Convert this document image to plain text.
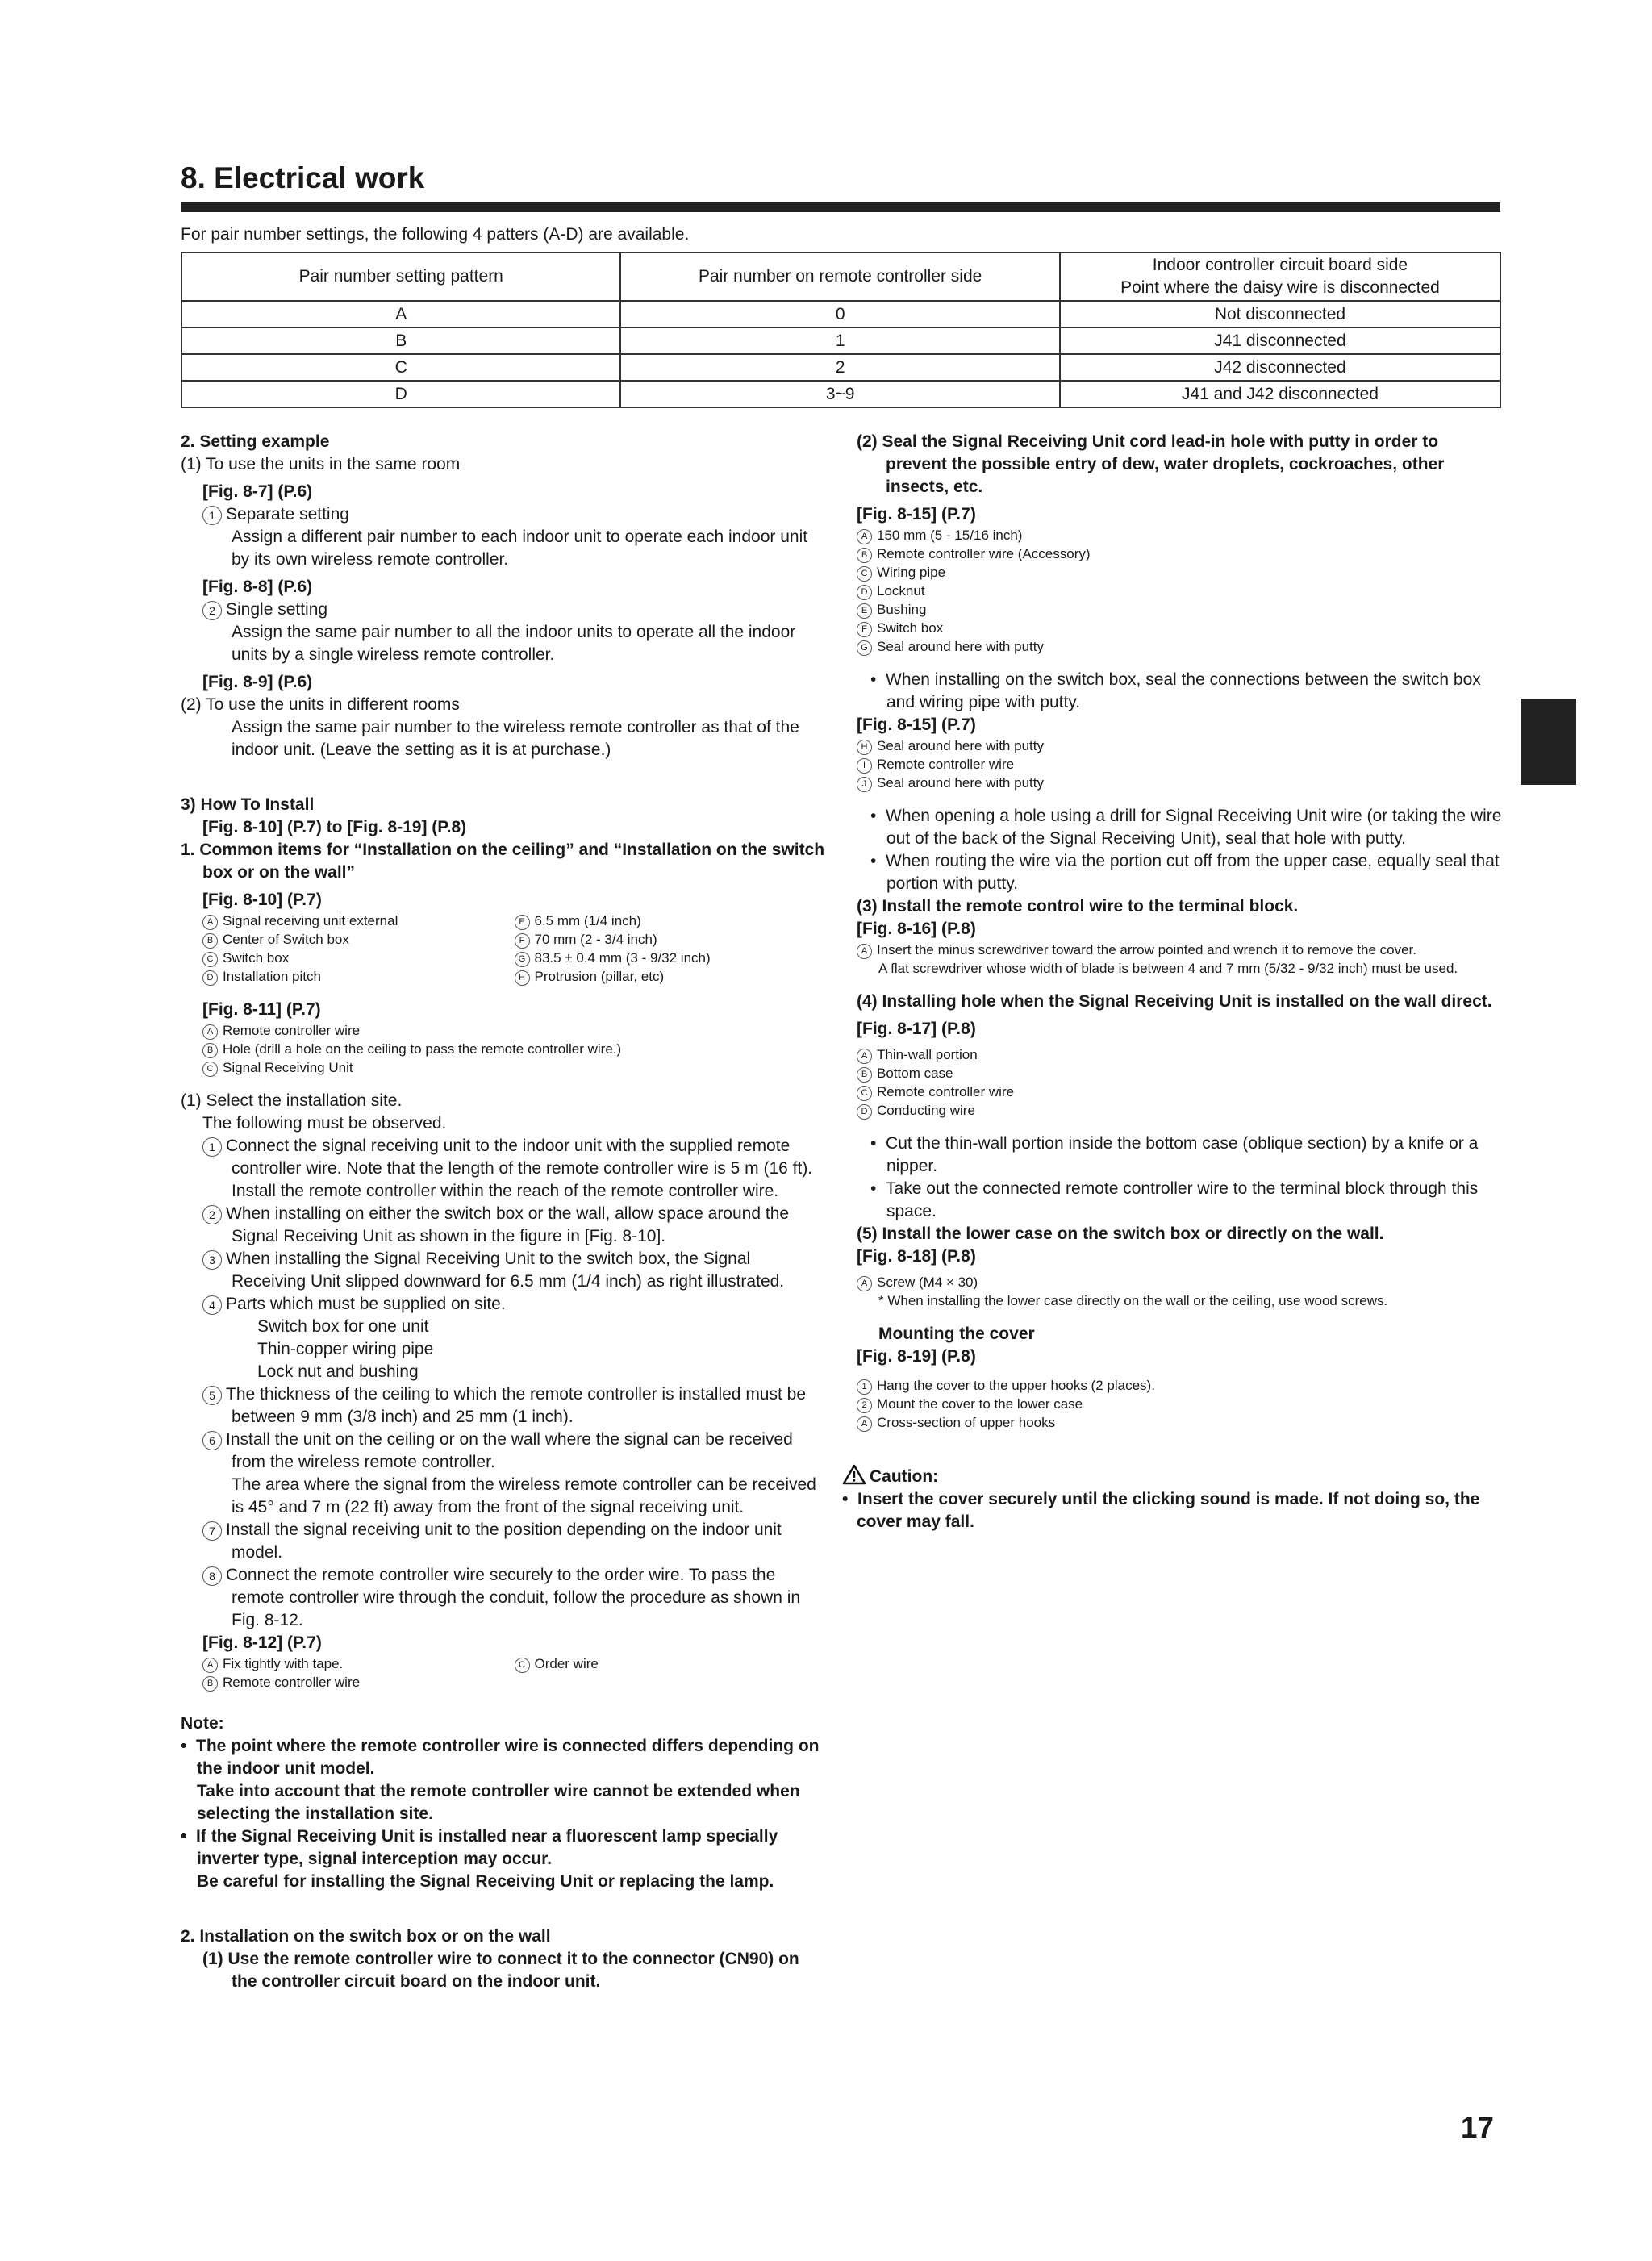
8. Electrical work
For pair number settings, the following 4 patters (A-D) are available.
Pair number setting pattern	Pair number on remote controller side	Indoor controller circuit board side
Point where the daisy wire is disconnected
A	0	Not disconnected
B	1	J41 disconnected
C	2	J42 disconnected
D	3~9	J41 and J42 disconnected

2. Setting example

(1) To use the units in the same room

[Fig. 8-7] (P.6)

1 Separate setting

Assign a different pair number to each indoor unit to operate each indoor unit by its own wireless remote controller.

[Fig. 8-8] (P.6)

2 Single setting

Assign the same pair number to all the indoor units to operate all the indoor units by a single wireless remote controller.

[Fig. 8-9] (P.6)

(2) To use the units in different rooms

Assign the same pair number to the wireless remote controller as that of the indoor unit. (Leave the setting as it is at purchase.)

3) How To Install

[Fig. 8-10] (P.7) to [Fig. 8-19] (P.8)

1. Common items for “Installation on the ceiling” and “Installation on the switch box or on the wall”

[Fig. 8-10] (P.7)

A Signal receiving unit external

B Center of Switch box

C Switch box

D Installation pitch

E 6.5 mm (1/4 inch)

F 70 mm (2 - 3/4 inch)

G 83.5 ± 0.4 mm (3 - 9/32 inch)

H Protrusion (pillar, etc)

[Fig. 8-11] (P.7)

A Remote controller wire

B Hole (drill a hole on the ceiling to pass the remote controller wire.)

C Signal Receiving Unit

(1) Select the installation site.

The following must be observed.

1 Connect the signal receiving unit to the indoor unit with the supplied remote controller wire. Note that the length of the remote controller wire is 5 m (16 ft). Install the remote controller within the reach of the remote controller wire.

2 When installing on either the switch box or the wall, allow space around the Signal Receiving Unit as shown in the figure in [Fig. 8-10].

3 When installing the Signal Receiving Unit to the switch box, the Signal Receiving Unit slipped downward for 6.5 mm (1/4 inch) as right illustrated.

4 Parts which must be supplied on site.

Switch box for one unit

Thin-copper wiring pipe

Lock nut and bushing

5 The thickness of the ceiling to which the remote controller is installed must be between 9 mm (3/8 inch) and 25 mm (1 inch).

6 Install the unit on the ceiling or on the wall where the signal can be received from the wireless remote controller.

The area where the signal from the wireless remote controller can be received is 45° and 7 m (22 ft) away from the front of the signal receiving unit.

7 Install the signal receiving unit to the position depending on the indoor unit model.

8 Connect the remote controller wire securely to the order wire. To pass the remote controller wire through the conduit, follow the procedure as shown in Fig. 8-12.

[Fig. 8-12] (P.7)

A Fix tightly with tape.

B Remote controller wire

C Order wire

Note:

•  The point where the remote controller wire is connected differs depending on the indoor unit model.

Take into account that the remote controller wire cannot be extended when selecting the installation site.

•  If the Signal Receiving Unit is installed near a fluorescent lamp specially inverter type, signal interception may occur.

Be careful for installing the Signal Receiving Unit or replacing the lamp.

2. Installation on the switch box or on the wall

(1) Use the remote controller wire to connect it to the connector (CN90) on the controller circuit board on the indoor unit.

(2) Seal the Signal Receiving Unit cord lead-in hole with putty in order to prevent the possible entry of dew, water droplets, cockroaches, other insects, etc.

[Fig. 8-15] (P.7)

A 150 mm (5 - 15/16 inch)

B Remote controller wire (Accessory)

C Wiring pipe

D Locknut

E Bushing

F Switch box

G Seal around here with putty

•  When installing on the switch box, seal the connections between the switch box and wiring pipe with putty.

[Fig. 8-15] (P.7)

H Seal around here with putty

I Remote controller wire

J Seal around here with putty

•  When opening a hole using a drill for Signal Receiving Unit wire (or taking the wire out of the back of the Signal Receiving Unit), seal that hole with putty.

•  When routing the wire via the portion cut off from the upper case, equally seal that portion with putty.

(3) Install the remote control wire to the terminal block.

[Fig. 8-16] (P.8)

A Insert the minus screwdriver toward the arrow pointed and wrench it to remove the cover.

A flat screwdriver whose width of blade is between 4 and 7 mm (5/32 - 9/32 inch) must be used.

(4) Installing hole when the Signal Receiving Unit is installed on the wall direct.

[Fig. 8-17] (P.8)

A Thin-wall portion

B Bottom case

C Remote controller wire

D Conducting wire

•  Cut the thin-wall portion inside the bottom case (oblique section) by a knife or a nipper.

•  Take out the connected remote controller wire to the terminal block through this space.

(5) Install the lower case on the switch box or directly on the wall.

[Fig. 8-18] (P.8)

A Screw (M4 × 30)

* When installing the lower case directly on the wall or the ceiling, use wood screws.

Mounting the cover

[Fig. 8-19] (P.8)

1 Hang the cover to the upper hooks (2 places).

2 Mount the cover to the lower case

A Cross-section of upper hooks

Caution:

•  Insert the cover securely until the clicking sound is made. If not doing so, the cover may fall.

17
